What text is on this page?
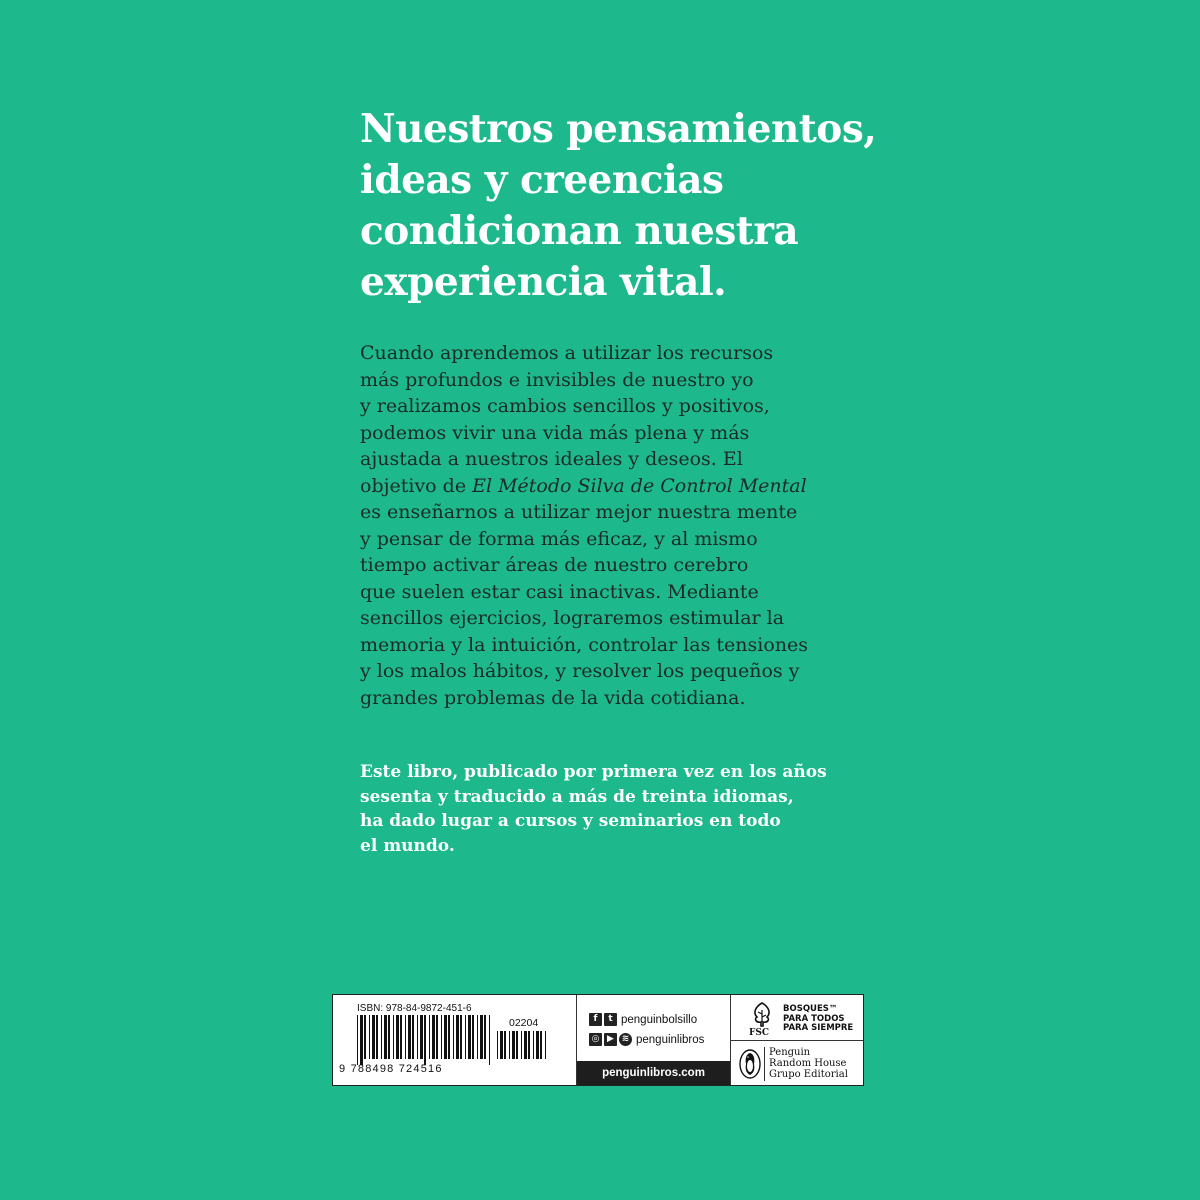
Nuestros pensamientos,
ideas y creencias
condicionan nuestra
experiencia vital.
Cuando aprendemos a utilizar los recursos
más profundos e invisibles de nuestro yo
y realizamos cambios sencillos y positivos,
podemos vivir una vida más plena y más
ajustada a nuestros ideales y deseos. El
objetivo de El Método Silva de Control Mental
es enseñarnos a utilizar mejor nuestra mente
y pensar de forma más eficaz, y al mismo
tiempo activar áreas de nuestro cerebro
que suelen estar casi inactivas. Mediante
sencillos ejercicios, lograremos estimular la
memoria y la intuición, controlar las tensiones
y los malos hábitos, y resolver los pequeños y
grandes problemas de la vida cotidiana.
Este libro, publicado por primera vez en los años
sesenta y traducido a más de treinta idiomas,
ha dado lugar a cursos y seminarios en todo
el mundo.
ISBN: 978-84-9872-451-6
02204
9 788498 724516
f	t penguinbolsillo
◎ ▶ ≋ penguinlibros
penguinlibros.com
FSC
BOSQUES™
PARA TODOS
PARA SIEMPRE
Penguin
Random House
Grupo Editorial
